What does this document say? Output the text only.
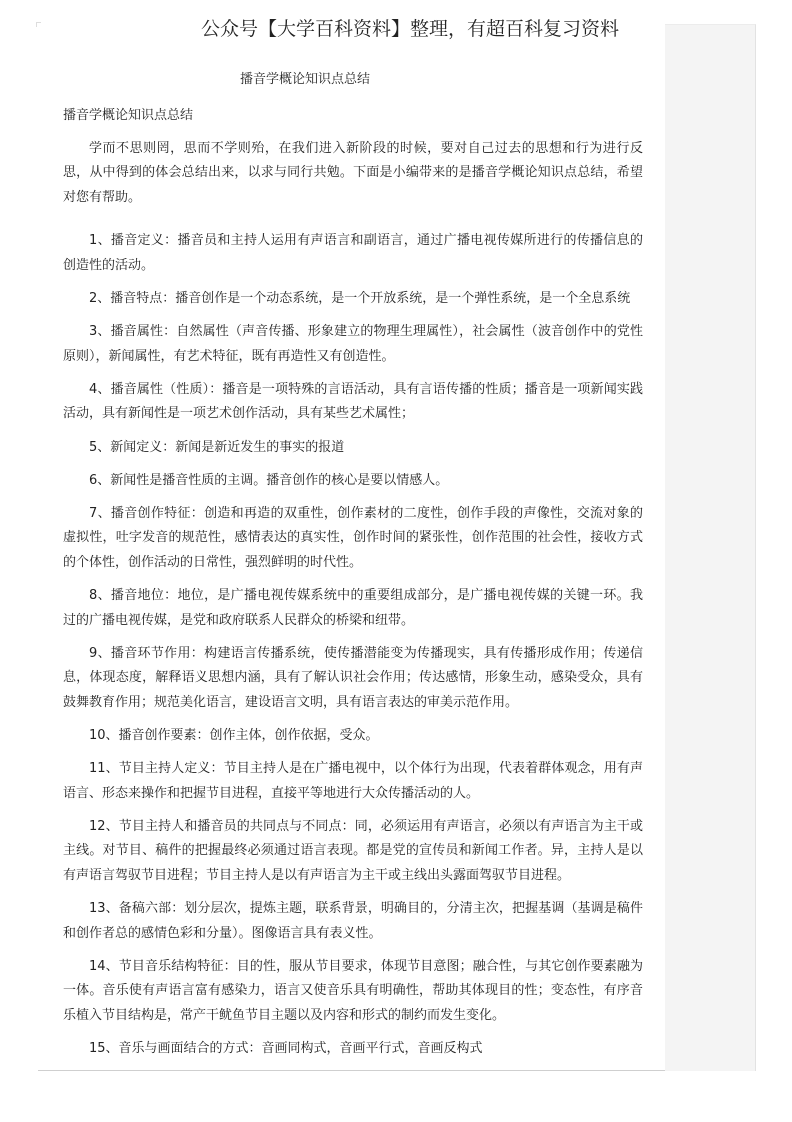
公众号【大学百科资料】整理，有超百科复习资料
播音学概论知识点总结

播音学概论知识点总结

学而不思则罔，思而不学则殆，在我们进入新阶段的时候，要对自己过去的思想和行为进行反思，从中得到的体会总结出来，以求与同行共勉。下面是小编带来的是播音学概论知识点总结，希望对您有帮助。

1、播音定义：播音员和主持人运用有声语言和副语言，通过广播电视传媒所进行的传播信息的创造性的活动。

2、播音特点：播音创作是一个动态系统，是一个开放系统，是一个弹性系统，是一个全息系统

3、播音属性：自然属性（声音传播、形象建立的物理生理属性），社会属性（波音创作中的党性原则），新闻属性，有艺术特征，既有再造性又有创造性。

4、播音属性（性质）：播音是一项特殊的言语活动，具有言语传播的性质；播音是一项新闻实践活动，具有新闻性是一项艺术创作活动，具有某些艺术属性；

5、新闻定义：新闻是新近发生的事实的报道

6、新闻性是播音性质的主调。播音创作的核心是要以情感人。

7、播音创作特征：创造和再造的双重性，创作素材的二度性，创作手段的声像性，交流对象的虚拟性，吐字发音的规范性，感情表达的真实性，创作时间的紧张性，创作范围的社会性，接收方式的个体性，创作活动的日常性，强烈鲜明的时代性。

8、播音地位：地位，是广播电视传媒系统中的重要组成部分，是广播电视传媒的关键一环。我过的广播电视传媒，是党和政府联系人民群众的桥梁和纽带。

9、播音环节作用：构建语言传播系统，使传播潜能变为传播现实，具有传播形成作用；传递信息，体现态度，解释语义思想内涵，具有了解认识社会作用；传达感情，形象生动，感染受众，具有鼓舞教育作用；规范美化语言，建设语言文明，具有语言表达的审美示范作用。

10、播音创作要素：创作主体，创作依据，受众。

11、节目主持人定义：节目主持人是在广播电视中，以个体行为出现，代表着群体观念，用有声语言、形态来操作和把握节目进程，直接平等地进行大众传播活动的人。

12、节目主持人和播音员的共同点与不同点：同，必须运用有声语言，必须以有声语言为主干或主线。对节目、稿件的把握最终必须通过语言表现。都是党的宣传员和新闻工作者。异，主持人是以有声语言驾驭节目进程；节目主持人是以有声语言为主干或主线出头露面驾驭节目进程。

13、备稿六部：划分层次，提炼主题，联系背景，明确目的，分清主次，把握基调（基调是稿件和创作者总的感情色彩和分量）。图像语言具有表义性。

14、节目音乐结构特征：目的性，服从节目要求，体现节目意图；融合性，与其它创作要素融为一体。音乐使有声语言富有感染力，语言又使音乐具有明确性，帮助其体现目的性；变态性，有序音乐植入节目结构是，常产干鱿鱼节目主题以及内容和形式的制约而发生变化。

15、音乐与画面结合的方式：音画同构式，音画平行式，音画反构式
